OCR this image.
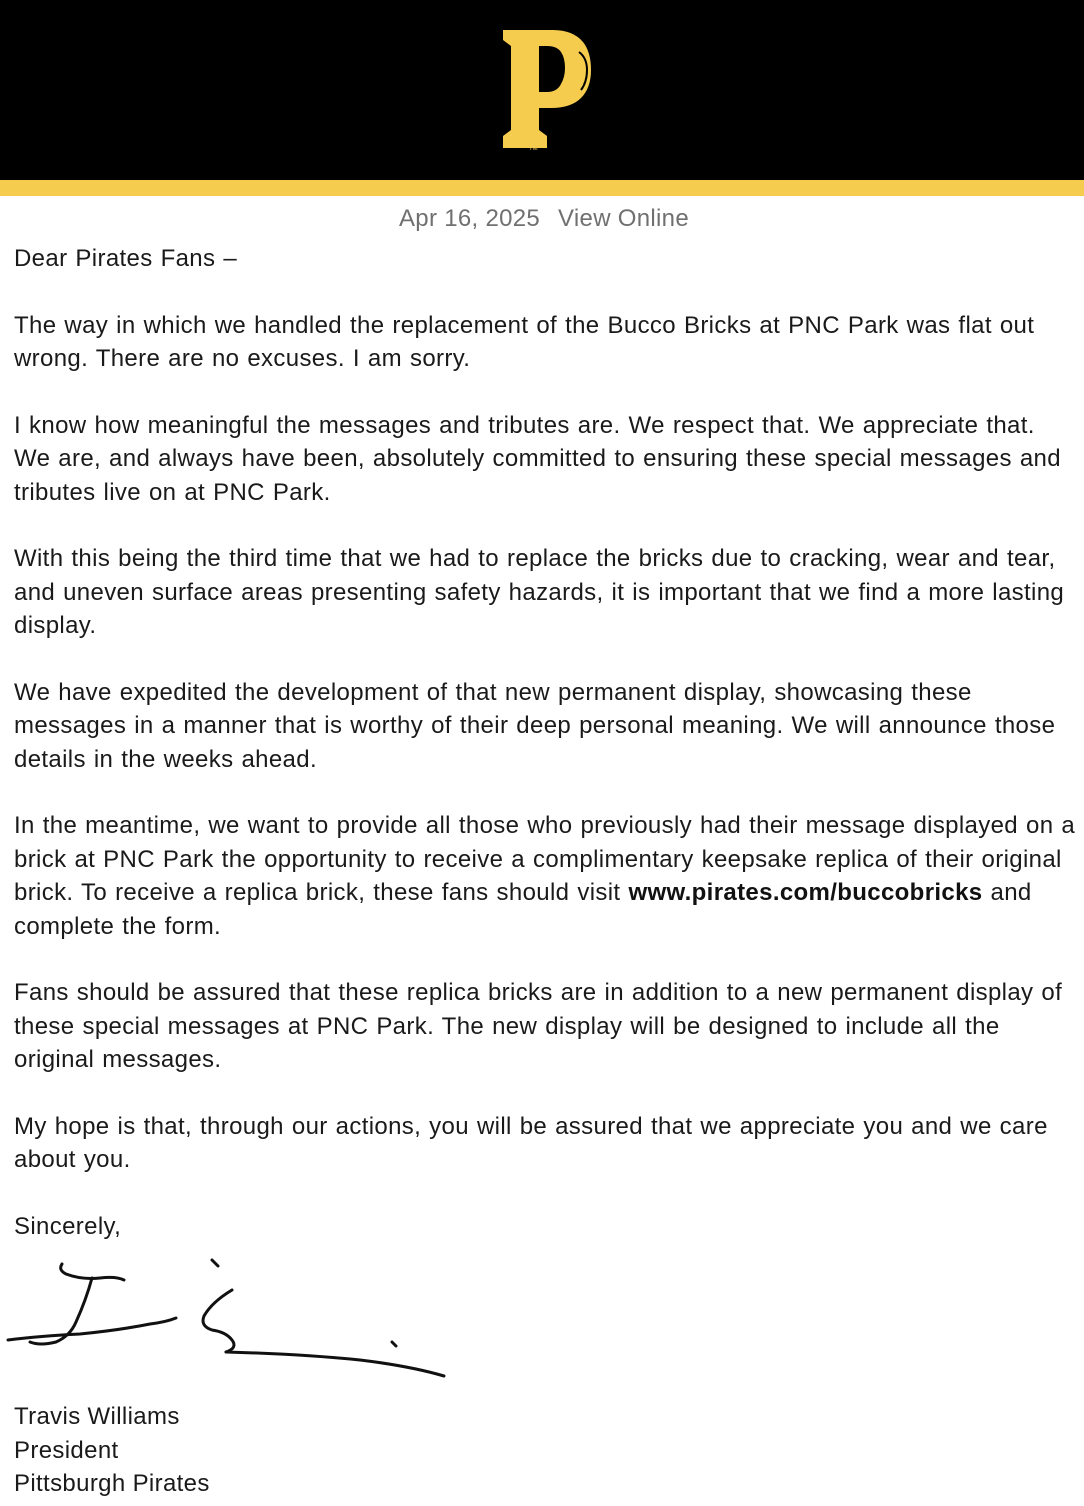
TM
Apr 16, 2025 View Online

Dear Pirates Fans –

The way in which we handled the replacement of the Bucco Bricks at PNC Park was flat out wrong. There are no excuses. I am sorry.

I know how meaningful the messages and tributes are. We respect that. We appreciate that. We are, and always have been, absolutely committed to ensuring these special messages and tributes live on at PNC Park.

With this being the third time that we had to replace the bricks due to cracking, wear and tear, and uneven surface areas presenting safety hazards, it is important that we find a more lasting display.

We have expedited the development of that new permanent display, showcasing these messages in a manner that is worthy of their deep personal meaning. We will announce those details in the weeks ahead.

In the meantime, we want to provide all those who previously had their message displayed on a brick at PNC Park the opportunity to receive a complimentary keepsake replica of their original brick. To receive a replica brick, these fans should visit www.pirates.com/buccobricks and complete the form.

Fans should be assured that these replica bricks are in addition to a new permanent display of these special messages at PNC Park. The new display will be designed to include all the original messages.

My hope is that, through our actions, you will be assured that we appreciate you and we care about you.

Sincerely,

Travis Williams
President
Pittsburgh Pirates
